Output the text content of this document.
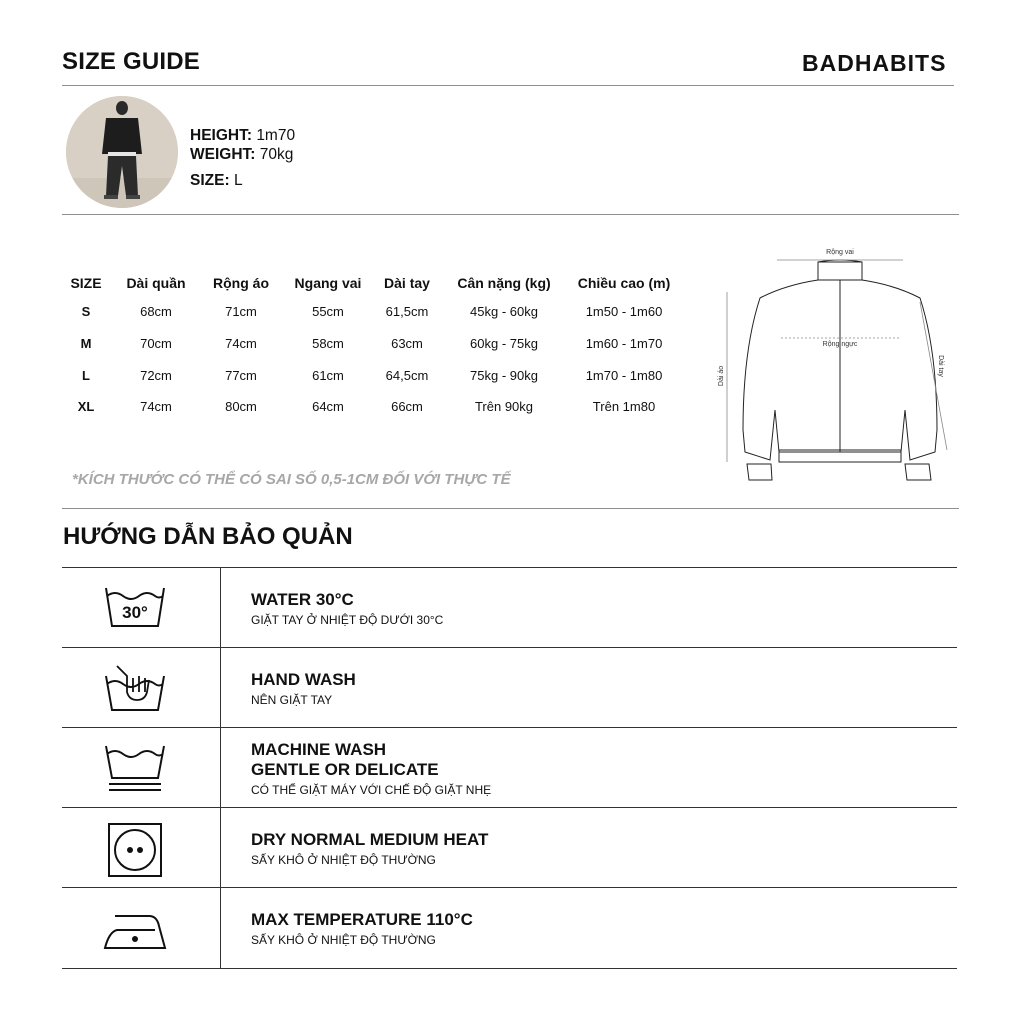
SIZE GUIDE	BADHABITS
HEIGHT: 1m70
WEIGHT: 70kg
SIZE: L
SIZE	Dài quần	Rộng áo	Ngang vai	Dài tay	Cân nặng (kg)	Chiều cao (m)
S	68cm	71cm	55cm	61,5cm	45kg - 60kg	1m50 - 1m60
M	70cm	74cm	58cm	63cm	60kg - 75kg	1m60 - 1m70
L	72cm	77cm	61cm	64,5cm	75kg - 90kg	1m70 - 1m80
XL	74cm	80cm	64cm	66cm	Trên 90kg	Trên 1m80
Rộng vai
Rộng ngực
Dài áo	Dài tay
*KÍCH THƯỚC CÓ THỂ CÓ SAI SỐ 0,5-1CM ĐỐI VỚI THỰC TẾ
HƯỚNG DẪN BẢO QUẢN
30°
WATER 30°C
GIẶT TAY Ở NHIỆT ĐỘ DƯỚI 30°C
HAND WASH
NÊN GIẶT TAY
MACHINE WASH
GENTLE OR DELICATE
CÓ THỂ GIẶT MÁY VỚI CHẾ ĐỘ GIẶT NHẸ
DRY NORMAL MEDIUM HEAT
SẤY KHÔ Ở NHIỆT ĐỘ THƯỜNG
MAX TEMPERATURE 110°C
SẤY KHÔ Ở NHIỆT ĐỘ THƯỜNG
